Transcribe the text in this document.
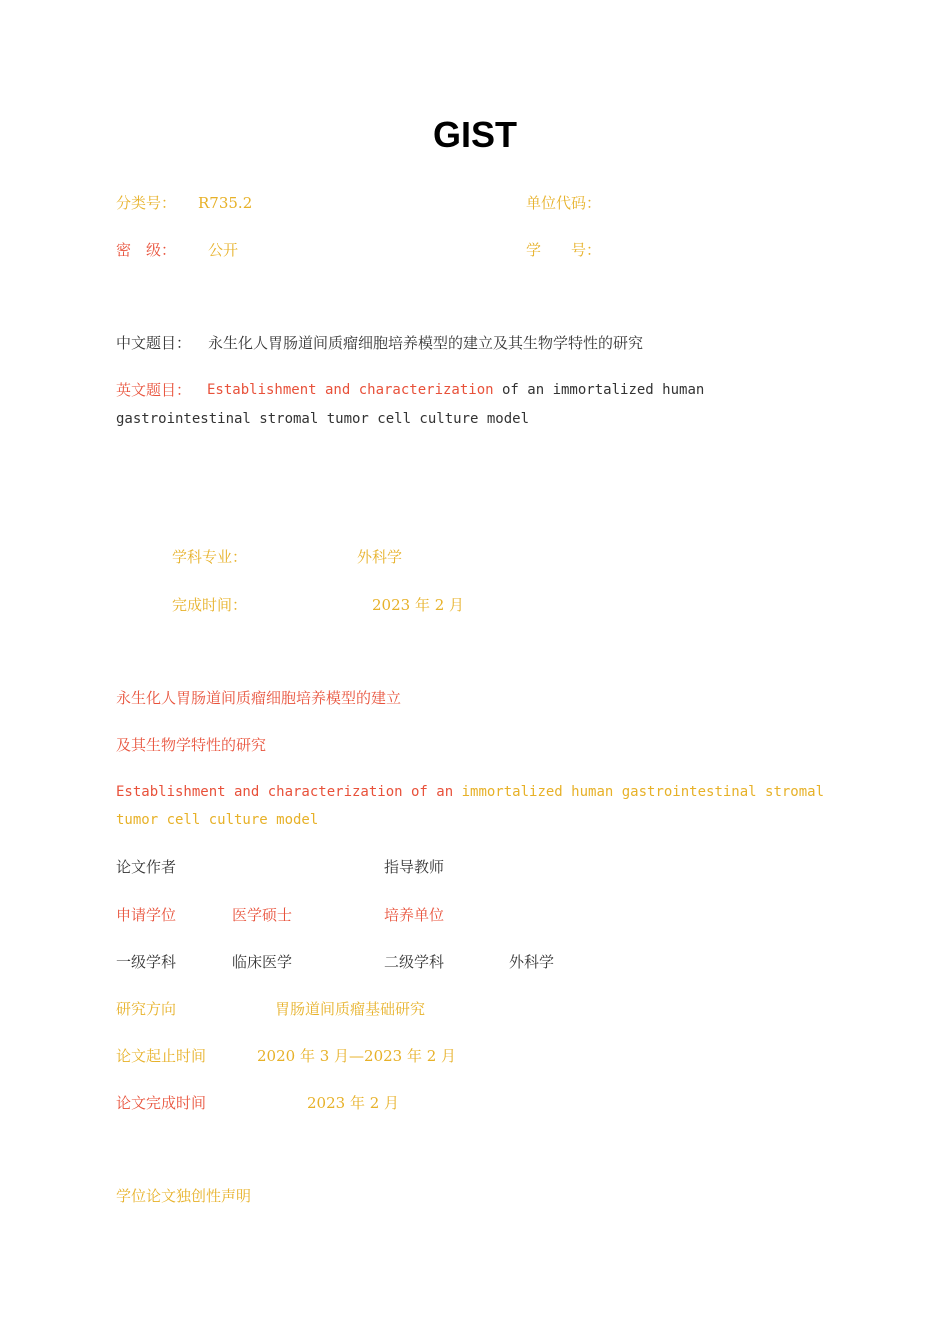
GIST
分类号： R735.2	单位代码：
密　级： 公开	学　　号：
中文题目： 永生化人胃肠道间质瘤细胞培养模型的建立及其生物学特性的研究
英文题目： Establishment and characterization of an immortalized human
gastrointestinal stromal tumor cell culture model
学科专业：	外科学
完成时间：	2023 年 2 月
永生化人胃肠道间质瘤细胞培养模型的建立
及其生物学特性的研究
Establishment and characterization of an immortalized human gastrointestinal stromal
tumor cell culture model
论文作者	指导教师
申请学位	医学硕士	培养单位
一级学科	临床医学	二级学科	外科学
研究方向	胃肠道间质瘤基础研究
论文起止时间	2020 年 3 月—2023 年 2 月
论文完成时间	2023 年 2 月
学位论文独创性声明
